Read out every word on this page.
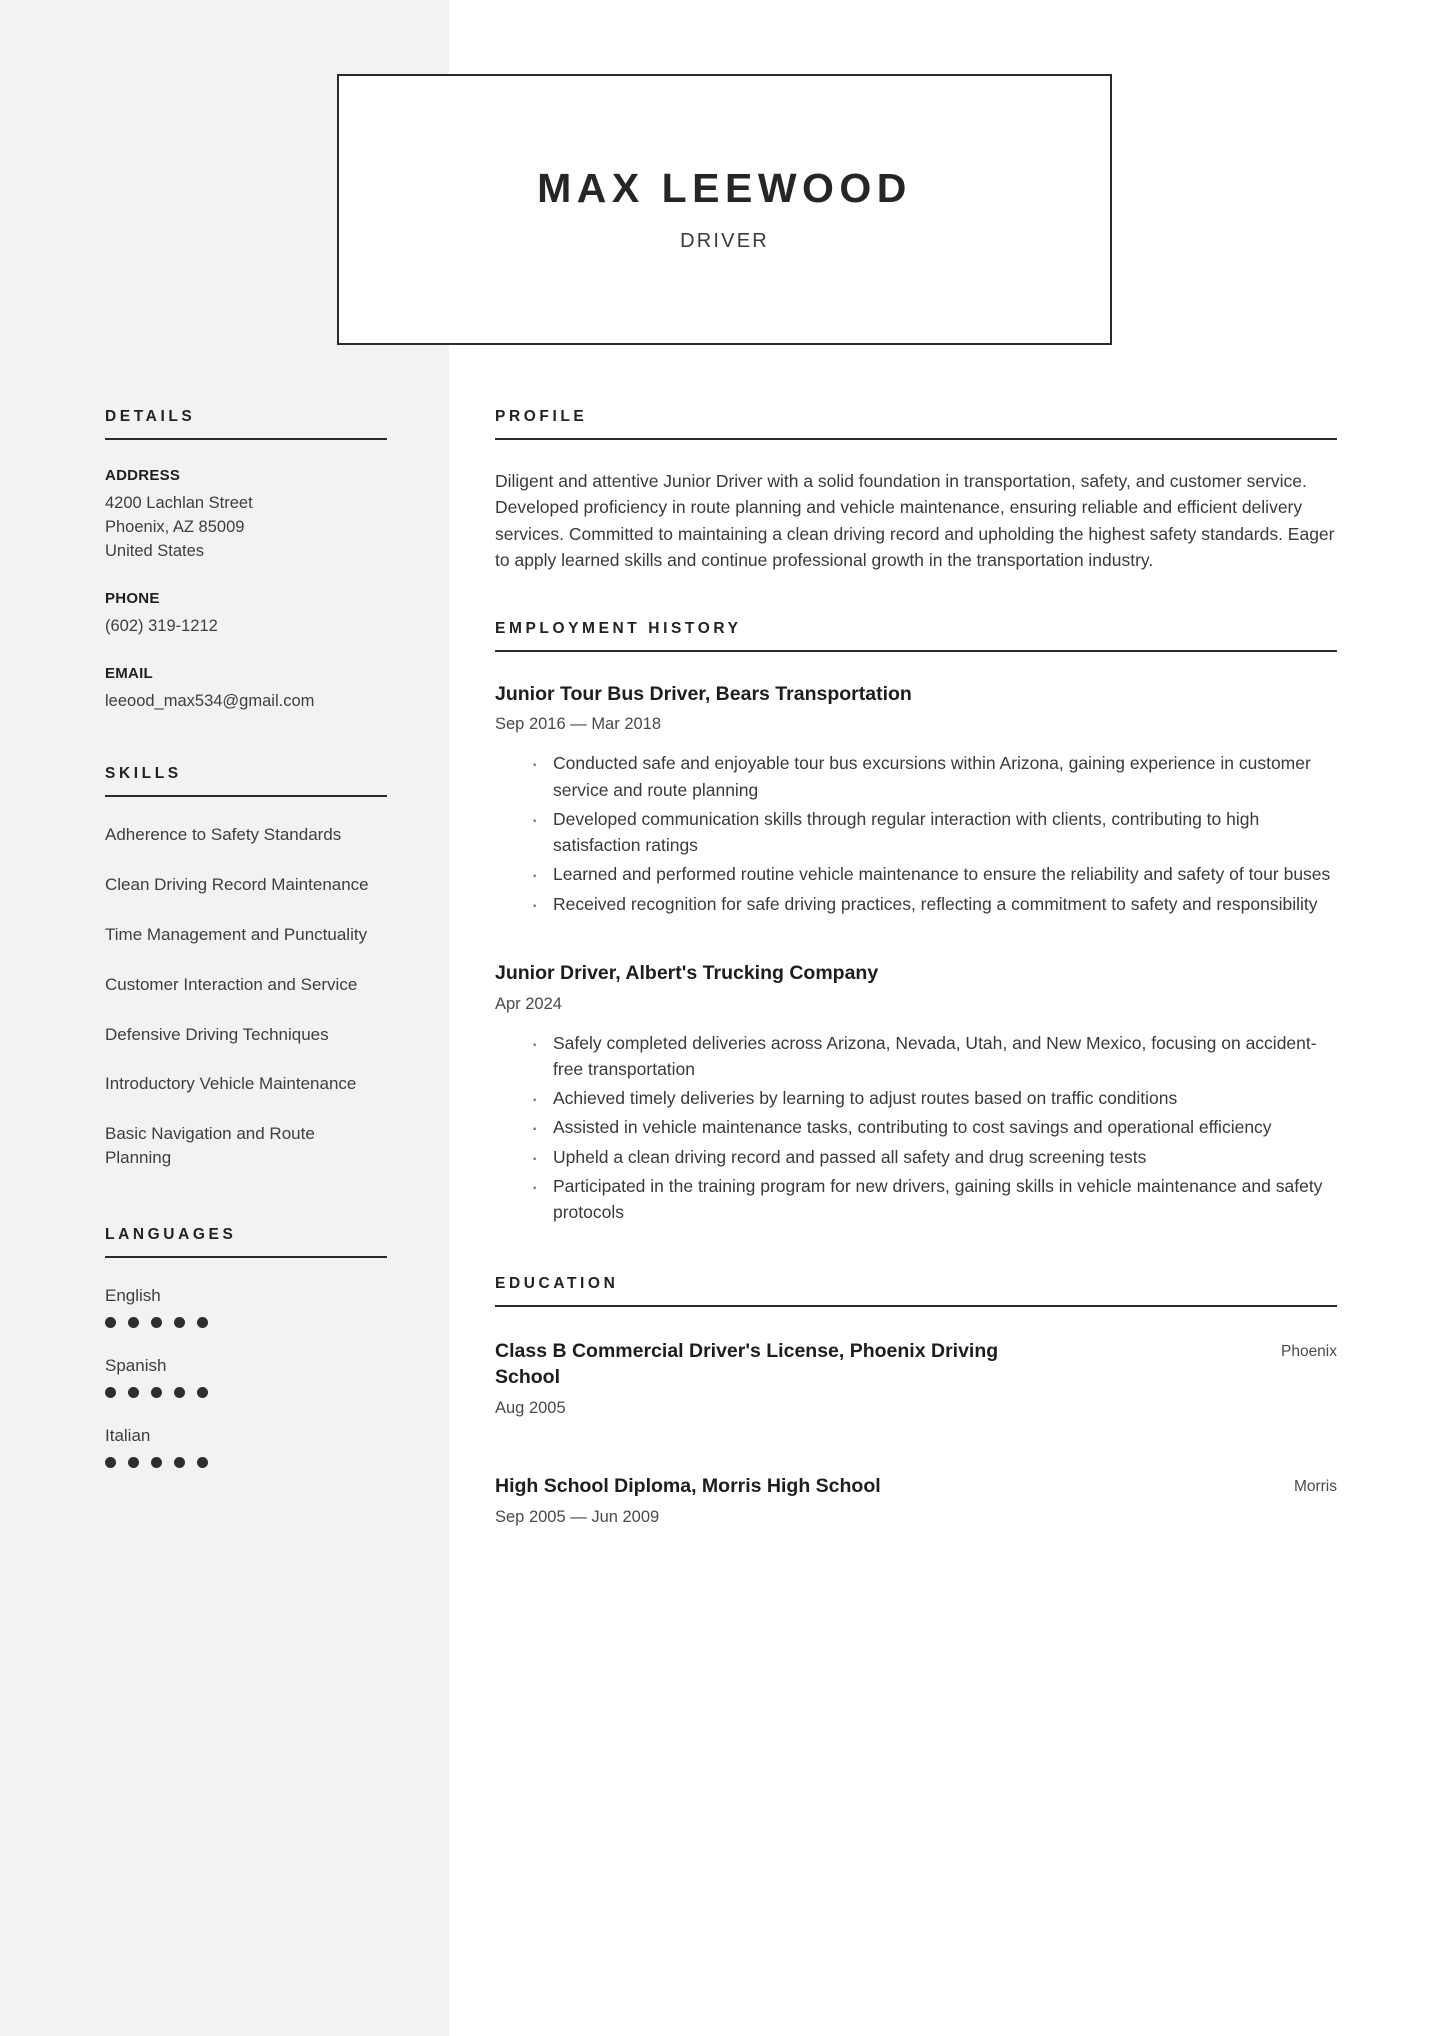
MAX LEEWOOD
DRIVER
DETAILS
ADDRESS
4200 Lachlan Street
Phoenix, AZ 85009
United States
PHONE
(602) 319-1212
EMAIL
leeood_max534@gmail.com
SKILLS
Adherence to Safety Standards
Clean Driving Record Maintenance
Time Management and Punctuality
Customer Interaction and Service
Defensive Driving Techniques
Introductory Vehicle Maintenance
Basic Navigation and Route Planning
LANGUAGES
English
Spanish
Italian
PROFILE

Diligent and attentive Junior Driver with a solid foundation in transportation, safety, and customer service. Developed proficiency in route planning and vehicle maintenance, ensuring reliable and efficient delivery services. Committed to maintaining a clean driving record and upholding the highest safety standards. Eager to apply learned skills and continue professional growth in the transportation industry.

EMPLOYMENT HISTORY
Junior Tour Bus Driver, Bears Transportation
Sep 2016 — Mar 2018
· Conducted safe and enjoyable tour bus excursions within Arizona, gaining experience in customer service and route planning
· Developed communication skills through regular interaction with clients, contributing to high satisfaction ratings
· Learned and performed routine vehicle maintenance to ensure the reliability and safety of tour buses
· Received recognition for safe driving practices, reflecting a commitment to safety and responsibility
Junior Driver, Albert's Trucking Company
Apr 2024
· Safely completed deliveries across Arizona, Nevada, Utah, and New Mexico, focusing on accident-free transportation
· Achieved timely deliveries by learning to adjust routes based on traffic conditions
· Assisted in vehicle maintenance tasks, contributing to cost savings and operational efficiency
· Upheld a clean driving record and passed all safety and drug screening tests
· Participated in the training program for new drivers, gaining skills in vehicle maintenance and safety protocols
EDUCATION
Class B Commercial Driver's License, Phoenix Driving School
Phoenix
Aug 2005
High School Diploma, Morris High School	Morris
Sep 2005 — Jun 2009
